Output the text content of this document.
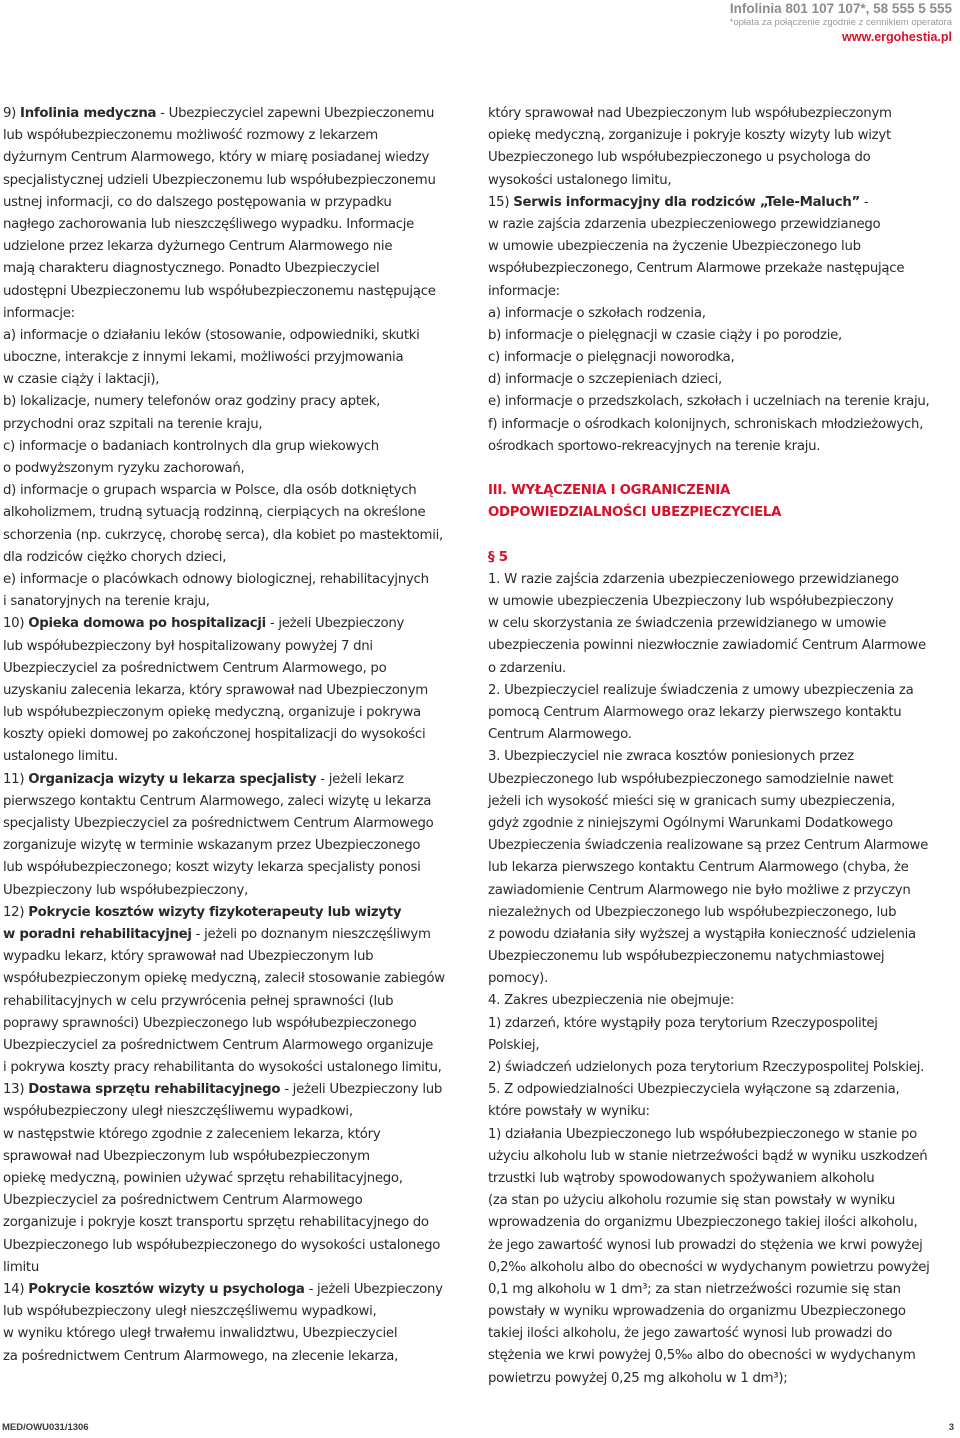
Infolinia 801 107 107*, 58 555 5 555
*opłata za połączenie zgodnie z cennikiem operatora
www.ergohestia.pl

9) Infolinia medyczna - Ubezpieczyciel zapewni Ubezpieczonemu

lub współubezpieczonemu możliwość rozmowy z lekarzem

dyżurnym Centrum Alarmowego, który w miarę posiadanej wiedzy

specjalistycznej udzieli Ubezpieczonemu lub współubezpieczonemu

ustnej informacji, co do dalszego postępowania w przypadku

nagłego zachorowania lub nieszczęśliwego wypadku. Informacje

udzielone przez lekarza dyżurnego Centrum Alarmowego nie

mają charakteru diagnostycznego. Ponadto Ubezpieczyciel

udostępni Ubezpieczonemu lub współubezpieczonemu następujące

informacje:

a) informacje o działaniu leków (stosowanie, odpowiedniki, skutki

uboczne, interakcje z innymi lekami, możliwości przyjmowania

w czasie ciąży i laktacji),

b) lokalizacje, numery telefonów oraz godziny pracy aptek,

przychodni oraz szpitali na terenie kraju,

c) informacje o badaniach kontrolnych dla grup wiekowych

o podwyższonym ryzyku zachorowań,

d) informacje o grupach wsparcia w Polsce, dla osób dotkniętych

alkoholizmem, trudną sytuacją rodzinną, cierpiących na określone

schorzenia (np. cukrzycę, chorobę serca), dla kobiet po mastektomii,

dla rodziców ciężko chorych dzieci,

e) informacje o placówkach odnowy biologicznej, rehabilitacyjnych

i sanatoryjnych na terenie kraju,

10) Opieka domowa po hospitalizacji - jeżeli Ubezpieczony

lub współubezpieczony był hospitalizowany powyżej 7 dni

Ubezpieczyciel za pośrednictwem Centrum Alarmowego, po

uzyskaniu zalecenia lekarza, który sprawował nad Ubezpieczonym

lub współubezpieczonym opiekę medyczną, organizuje i pokrywa

koszty opieki domowej po zakończonej hospitalizacji do wysokości

ustalonego limitu.

11) Organizacja wizyty u lekarza specjalisty - jeżeli lekarz

pierwszego kontaktu Centrum Alarmowego, zaleci wizytę u lekarza

specjalisty Ubezpieczyciel za pośrednictwem Centrum Alarmowego

zorganizuje wizytę w terminie wskazanym przez Ubezpieczonego

lub współubezpieczonego; koszt wizyty lekarza specjalisty ponosi

Ubezpieczony lub współubezpieczony,

12) Pokrycie kosztów wizyty fizykoterapeuty lub wizyty

w poradni rehabilitacyjnej - jeżeli po doznanym nieszczęśliwym

wypadku lekarz, który sprawował nad Ubezpieczonym lub

współubezpieczonym opiekę medyczną, zalecił stosowanie zabiegów

rehabilitacyjnych w celu przywrócenia pełnej sprawności (lub

poprawy sprawności) Ubezpieczonego lub współubezpieczonego

Ubezpieczyciel za pośrednictwem Centrum Alarmowego organizuje

i pokrywa koszty pracy rehabilitanta do wysokości ustalonego limitu,

13) Dostawa sprzętu rehabilitacyjnego - jeżeli Ubezpieczony lub

współubezpieczony uległ nieszczęśliwemu wypadkowi,

w następstwie którego zgodnie z zaleceniem lekarza, który

sprawował nad Ubezpieczonym lub współubezpieczonym

opiekę medyczną, powinien używać sprzętu rehabilitacyjnego,

Ubezpieczyciel za pośrednictwem Centrum Alarmowego

zorganizuje i pokryje koszt transportu sprzętu rehabilitacyjnego do

Ubezpieczonego lub współubezpieczonego do wysokości ustalonego

limitu

14) Pokrycie kosztów wizyty u psychologa - jeżeli Ubezpieczony

lub współubezpieczony uległ nieszczęśliwemu wypadkowi,

w wyniku którego uległ trwałemu inwalidztwu, Ubezpieczyciel

za pośrednictwem Centrum Alarmowego, na zlecenie lekarza,

który sprawował nad Ubezpieczonym lub współubezpieczonym

opiekę medyczną, zorganizuje i pokryje koszty wizyty lub wizyt

Ubezpieczonego lub współubezpieczonego u psychologa do

wysokości ustalonego limitu,

15) Serwis informacyjny dla rodziców „Tele-Maluch” -

w razie zajścia zdarzenia ubezpieczeniowego przewidzianego

w umowie ubezpieczenia na życzenie Ubezpieczonego lub

współubezpieczonego, Centrum Alarmowe przekaże następujące

informacje:

a) informacje o szkołach rodzenia,

b) informacje o pielęgnacji w czasie ciąży i po porodzie,

c) informacje o pielęgnacji noworodka,

d) informacje o szczepieniach dzieci,

e) informacje o przedszkolach, szkołach i uczelniach na terenie kraju,

f) informacje o ośrodkach kolonijnych, schroniskach młodzieżowych,

ośrodkach sportowo-rekreacyjnych na terenie kraju.

III. WYŁĄCZENIA I OGRANICZENIA

ODPOWIEDZIALNOŚCI UBEZPIECZYCIELA

§ 5

1. W razie zajścia zdarzenia ubezpieczeniowego przewidzianego

w umowie ubezpieczenia Ubezpieczony lub współubezpieczony

w celu skorzystania ze świadczenia przewidzianego w umowie

ubezpieczenia powinni niezwłocznie zawiadomić Centrum Alarmowe

o zdarzeniu.

2. Ubezpieczyciel realizuje świadczenia z umowy ubezpieczenia za

pomocą Centrum Alarmowego oraz lekarzy pierwszego kontaktu

Centrum Alarmowego.

3. Ubezpieczyciel nie zwraca kosztów poniesionych przez

Ubezpieczonego lub współubezpieczonego samodzielnie nawet

jeżeli ich wysokość mieści się w granicach sumy ubezpieczenia,

gdyż zgodnie z niniejszymi Ogólnymi Warunkami Dodatkowego

Ubezpieczenia świadczenia realizowane są przez Centrum Alarmowe

lub lekarza pierwszego kontaktu Centrum Alarmowego (chyba, że

zawiadomienie Centrum Alarmowego nie było możliwe z przyczyn

niezależnych od Ubezpieczonego lub współubezpieczonego, lub

z powodu działania siły wyższej a wystąpiła konieczność udzielenia

Ubezpieczonemu lub współubezpieczonemu natychmiastowej

pomocy).

4. Zakres ubezpieczenia nie obejmuje:

1) zdarzeń, które wystąpiły poza terytorium Rzeczypospolitej

Polskiej,

2) świadczeń udzielonych poza terytorium Rzeczypospolitej Polskiej.

5. Z odpowiedzialności Ubezpieczyciela wyłączone są zdarzenia,

które powstały w wyniku:

1) działania Ubezpieczonego lub współubezpieczonego w stanie po

użyciu alkoholu lub w stanie nietrzeźwości bądź w wyniku uszkodzeń

trzustki lub wątroby spowodowanych spożywaniem alkoholu

(za stan po użyciu alkoholu rozumie się stan powstały w wyniku

wprowadzenia do organizmu Ubezpieczonego takiej ilości alkoholu,

że jego zawartość wynosi lub prowadzi do stężenia we krwi powyżej

0,2‰ alkoholu albo do obecności w wydychanym powietrzu powyżej

0,1 mg alkoholu w 1 dm³; za stan nietrzeźwości rozumie się stan

powstały w wyniku wprowadzenia do organizmu Ubezpieczonego

takiej ilości alkoholu, że jego zawartość wynosi lub prowadzi do

stężenia we krwi powyżej 0,5‰ albo do obecności w wydychanym

powietrzu powyżej 0,25 mg alkoholu w 1 dm³);

MED/OWU031/1306	3
